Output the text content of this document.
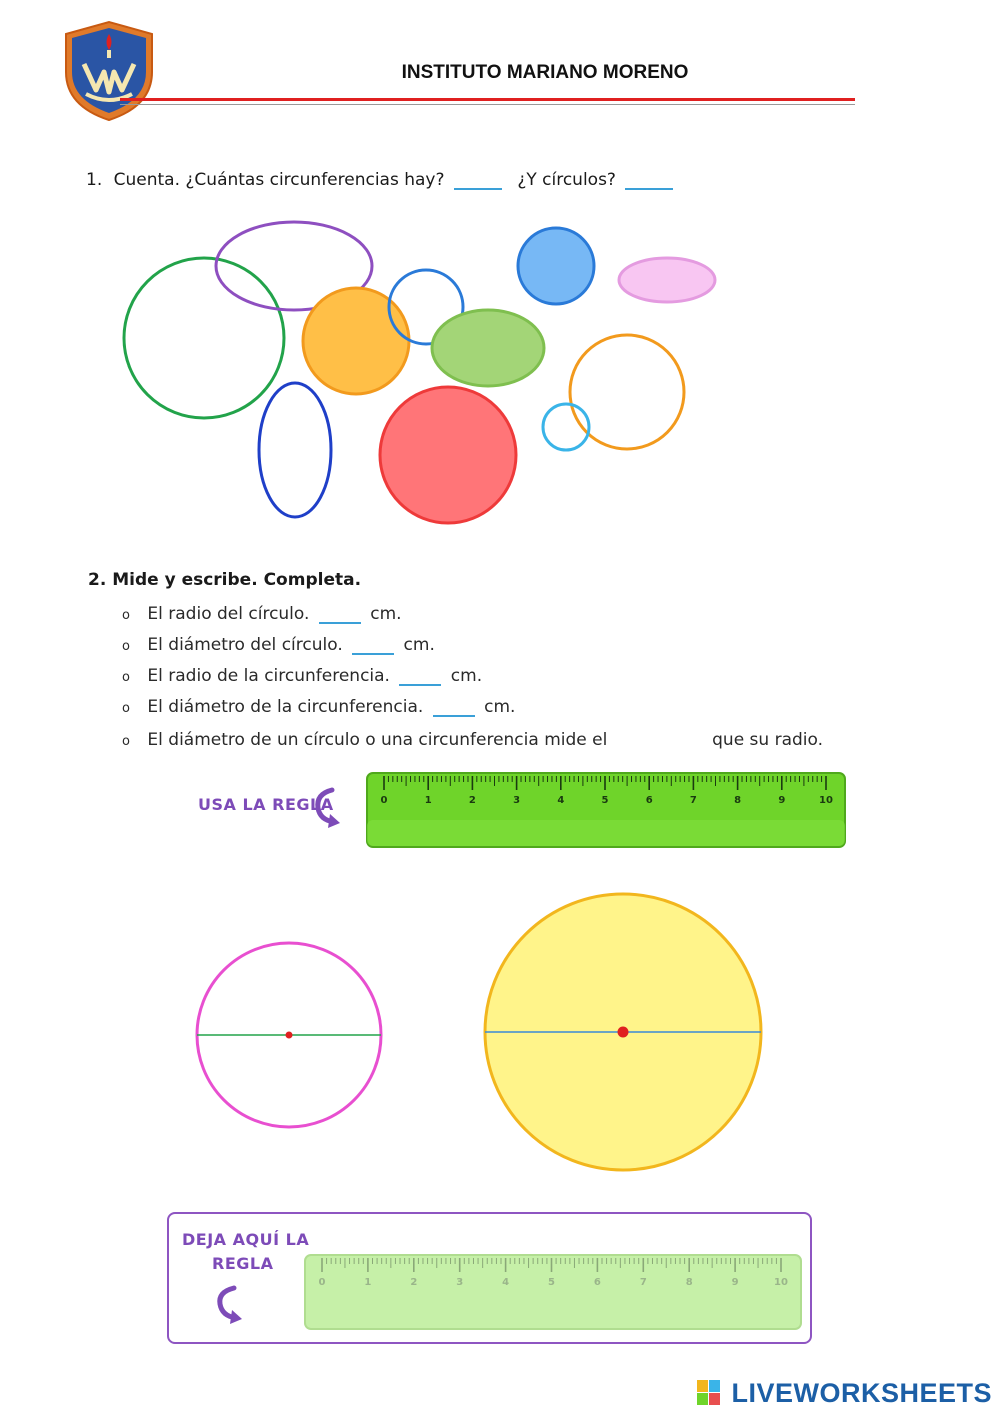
INSTITUTO MARIANO MORENO
1. Cuenta. ¿Cuántas circunferencias hay?	¿Y círculos?
2. Mide y escribe. Completa.
o El radio del círculo.	cm.
o El diámetro del círculo.	cm.
o El radio de la circunferencia.	cm.
o El diámetro de la circunferencia.	cm.
o El diámetro de un círculo o una circunferencia mide el	que su radio.
USA LA REGLA	0	1	2	3	4	5	6	7	8	9	10
DEJA AQUÍ LA
REGLA
0	1	2	3	4	5	6	7	8	9	10
LIVEWORKSHEETS
